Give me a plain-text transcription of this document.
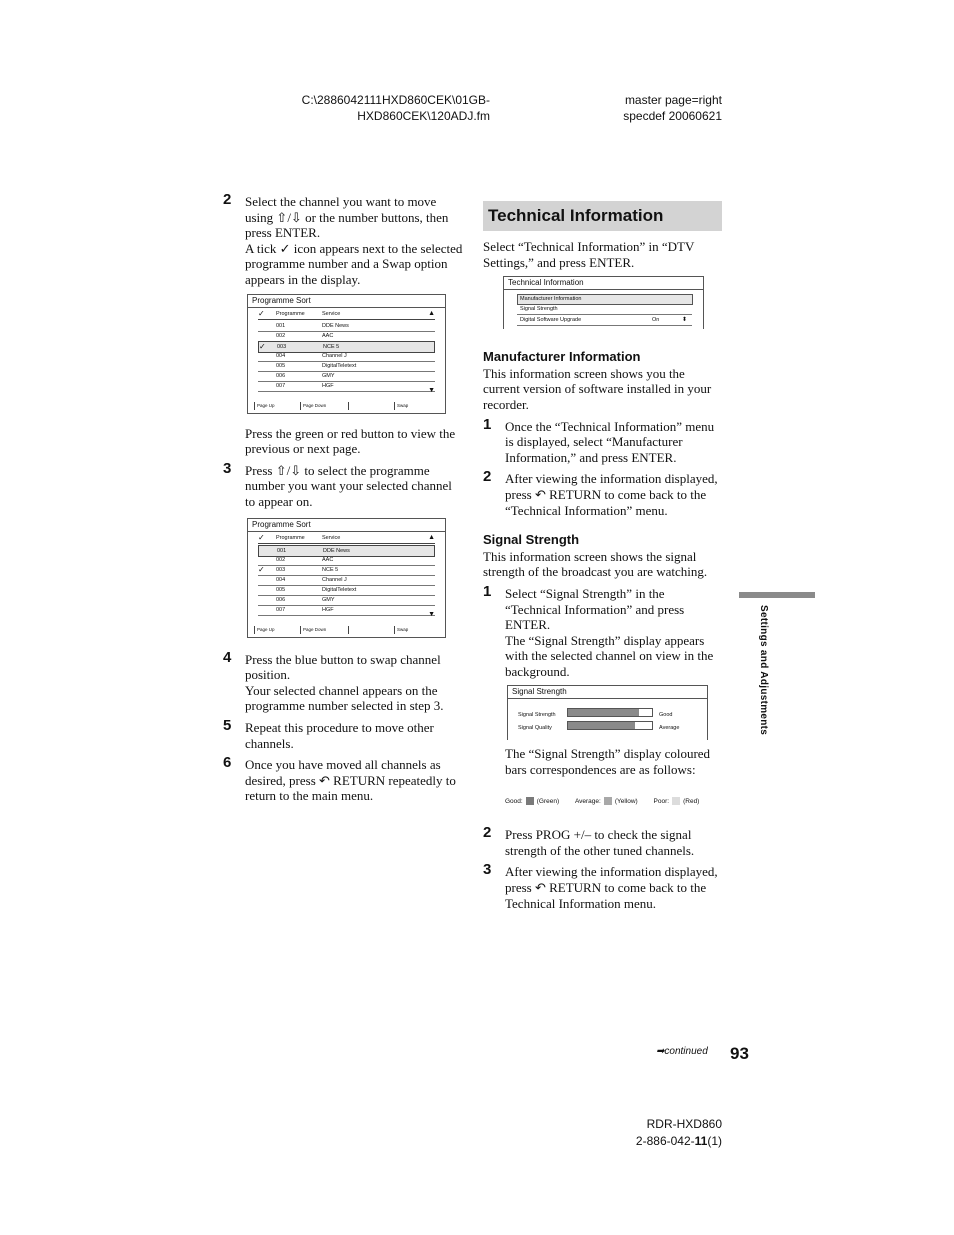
C:\2886042111HXD860CEK\01GB-
HXD860CEK\120ADJ.fm
master page=right
specdef 20060621
2 Select the channel you want to move using ⇧/⇩ or the number buttons, then press ENTER.

A tick ✓ icon appears next to the selected programme number and a Swap option appears in the display.

Programme Sort
✓	Programme	Service	▲
001	DDE News
002	AAC
✓	003	NCE 5
004	Channel J
005	DigitalTeletext
006	GMY
007	HGF
▼
Page Up	Page Down	Swap

Press the green or red button to view the previous or next page.

3 Press ⇧/⇩ to select the programme number you want your selected channel to appear on.

Programme Sort
✓	Programme	Service	▲
001	DDE News
002	AAC
✓	003	NCE 5
004	Channel J
005	DigitalTeletext
006	GMY
007	HGF
▼
Page Up	Page Down	Swap
4 Press the blue button to swap channel position.

Your selected channel appears on the programme number selected in step 3.

5 Repeat this procedure to move other channels.

6 Once you have moved all channels as desired, press ↶ RETURN repeatedly to return to the main menu.

Technical Information

Select “Technical Information” in “DTV Settings,” and press ENTER.

Technical Information
Manufacturer Information
Signal Strength
Digital Software Upgrade	On	⬍
Manufacturer Information

This information screen shows you the current version of software installed in your recorder.

1 Once the “Technical Information” menu is displayed, select “Manufacturer Information,” and press ENTER.

2 After viewing the information displayed, press ↶ RETURN to come back to the “Technical Information” menu.

Signal Strength

This information screen shows the signal strength of the broadcast you are watching.

1 Select “Signal Strength” in the “Technical Information” and press ENTER.

The “Signal Strength” display appears with the selected channel on view in the background.

Signal Strength
Signal Strength	Good
Signal Quality	Average

The “Signal Strength” display coloured bars correspondences are as follows:

Good: (Green) Average: (Yellow) Poor: (Red)
2 Press PROG +/– to check the signal strength of the other tuned channels.

3 After viewing the information displayed, press ↶ RETURN to come back to the Technical Information menu.

Settings and Adjustments
➡continued 93
RDR-HXD860
2-886-042-11(1)
